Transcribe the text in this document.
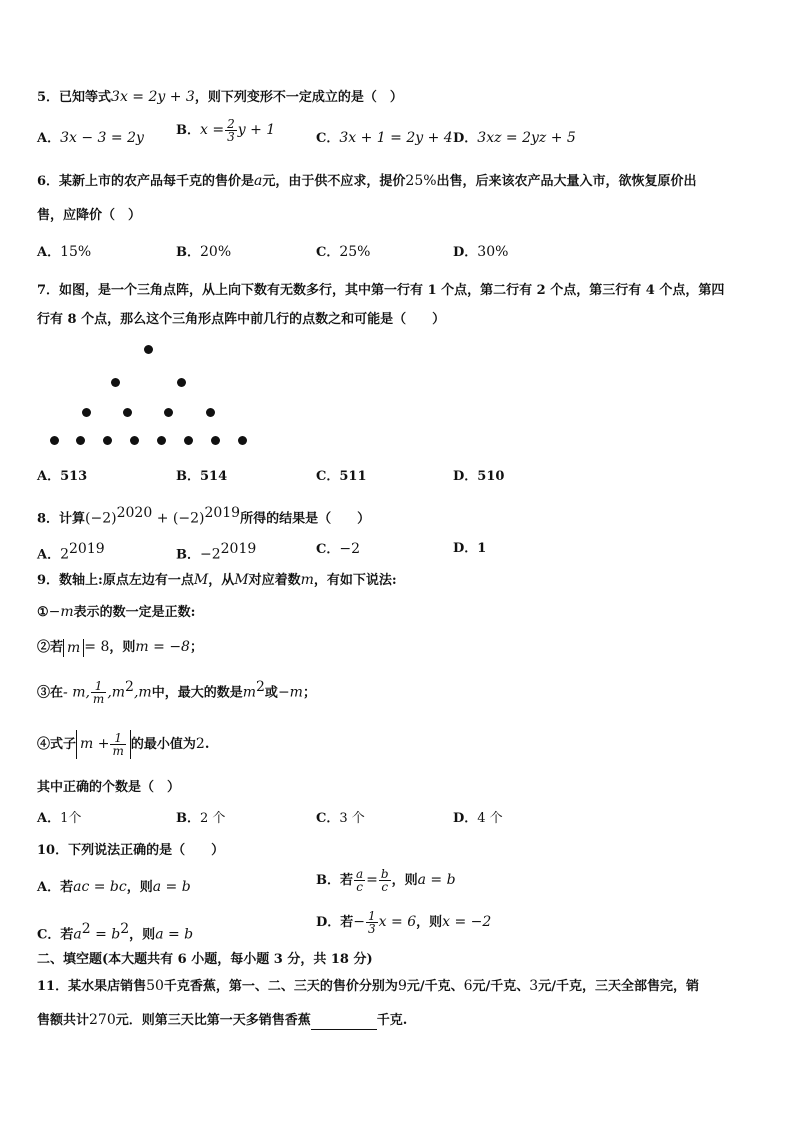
5．已知等式3x = 2y + 3，则下列变形不一定成立的是（　）
A．3x − 3 = 2y B．$x = \frac{2}{3}$ y + 1
C．3x + 1 = 2y + 4 D．3xz = 2yz + 5
6．某新上市的农产品每千克的售价是a元，由于供不应求，提价25%出售，后来该农产品大量入市，欲恢复原价出
售，应降价（　）
A．15%	B．20%	C．25%	D．30%
7．如图，是一个三角点阵，从上向下数有无数多行，其中第一行有 1 个点，第二行有 2 个点，第三行有 4 个点，第四
行有 8 个点，那么这个三角形点阵中前几行的点数之和可能是（　　）
A．513	B．514	C．511	D．510
8．计算$(-2)^{2020} + (-2)^{2019}$所得的结果是（　　）
A．$2^{2019}$	B．$-2^{2019}$	C．−2	D．1
9．数轴上:原点左边有一点M，从M对应着数m，有如下说法:
①−m表示的数一定是正数:
②若 m = 8，则m = −8；
③在- m, $\frac{1}{m} ,m^2,m$中，最大的数是$m^2$或−m；
④式子 $m + \frac{1}{m}$ 的最小值为2.
其中正确的个数是（　）
A．1个	B．2 个	C．3 个	D．4 个
10．下列说法正确的是（　　）
A．若ac = bc，则a = b	B．若 $\frac{a}{c} = \frac{b}{c}$ ，则a = b
C．若$a^2 = b^2$，则a = b
D．若− $\frac{1}{3}$ x = 6，则x = −2
二、填空题(本大题共有 6 小题，每小题 3 分，共 18 分)
11．某水果店销售50千克香蕉，第一、二、三天的售价分别为9元/千克、6元/千克、3元/千克，三天全部售完，销
售额共计270元．则第三天比第一天多销售香蕉	千克.
